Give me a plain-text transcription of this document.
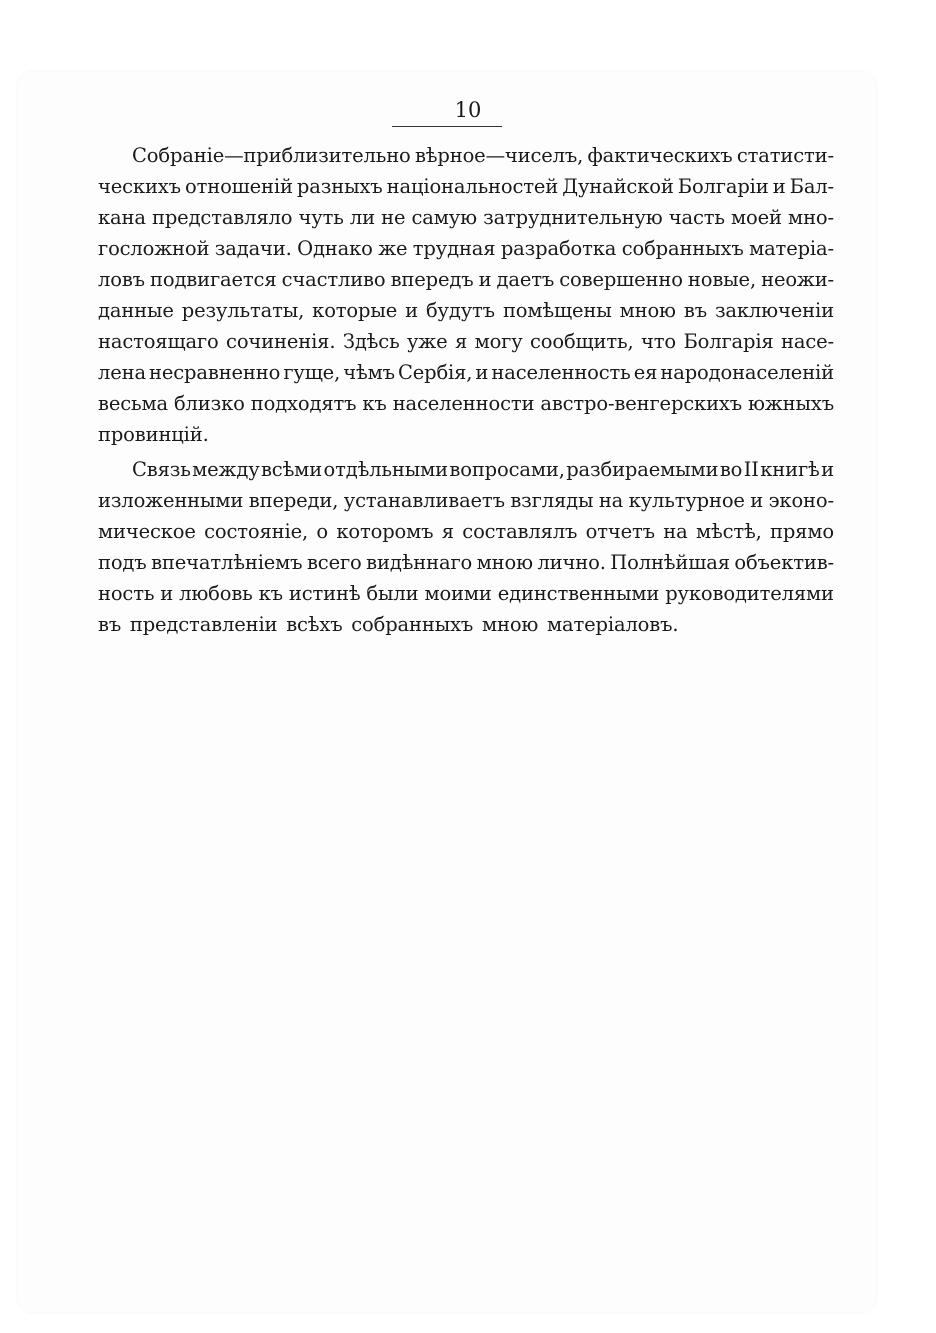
10
Собраніе—приблизительно вѣрное—чиселъ, фактическихъ статисти-
ческихъ отношеній разныхъ національностей Дунайской Болгаріи и Бал-
кана представляло чуть ли не самую затруднительную часть моей мно-
госложной задачи. Однако же трудная разработка собранныхъ матеріа-
ловъ подвигается счастливо впередъ и даетъ совершенно новые, неожи-
данные результаты, которые и будутъ помѣщены мною въ заключеніи
настоящаго сочиненія. Здѣсь уже я могу сообщить, что Болгарія насе-
лена несравненно гуще, чѣмъ Сербія, и населенность ея народонаселеній
весьма близко подходятъ къ населенности австро-венгерскихъ южныхъ
провинцій.
Связь между всѣми отдѣльными вопросами, разбираемыми во II книгѣ и
изложенными впереди, устанавливаетъ взгляды на культурное и эконо-
мическое состояніе, о которомъ я составлялъ отчетъ на мѣстѣ, прямо
подъ впечатлѣніемъ всего видѣннаго мною лично. Полнѣйшая объектив-
ность и любовь къ истинѣ были моими единственными руководителями
въ представленіи всѣхъ собранныхъ мною матеріаловъ.
